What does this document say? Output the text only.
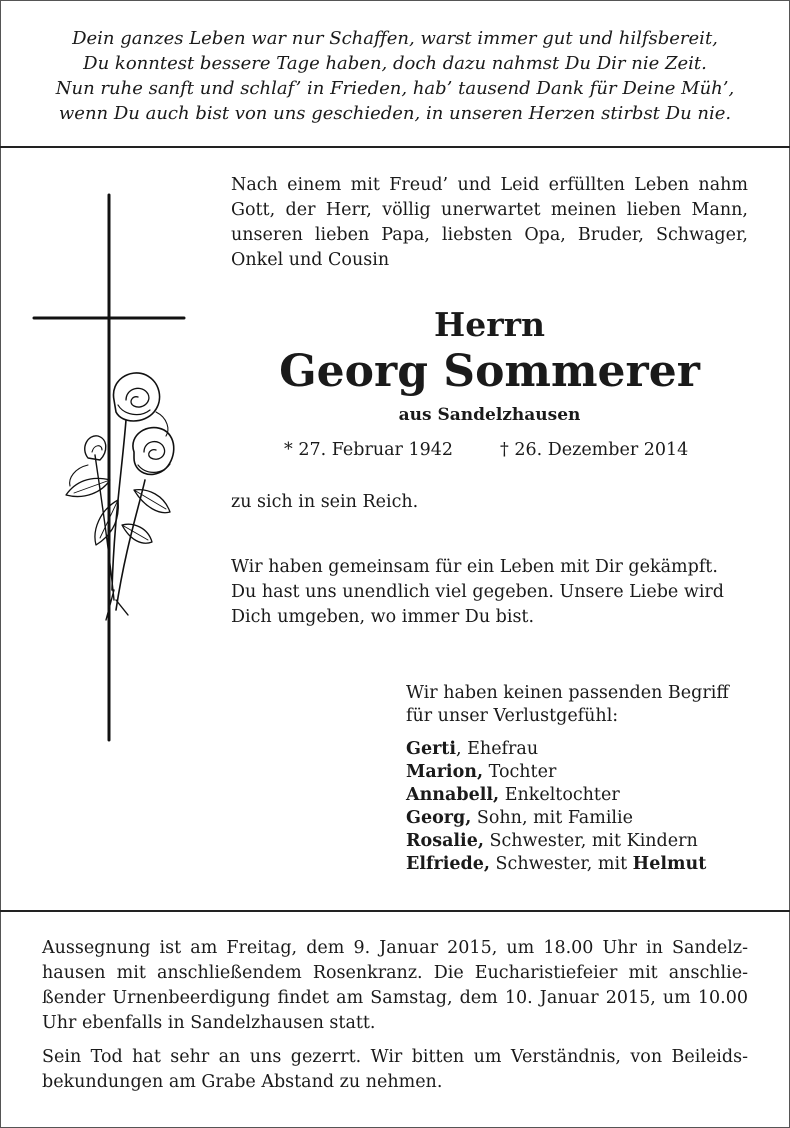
Dein ganzes Leben war nur Schaffen, warst immer gut und hilfsbereit,
Du konntest bessere Tage haben, doch dazu nahmst Du Dir nie Zeit.
Nun ruhe sanft und schlaf’ in Frieden, hab’ tausend Dank für Deine Müh’,
wenn Du auch bist von uns geschieden, in unseren Herzen stirbst Du nie.
Nach einem mit Freud’ und Leid erfüllten Leben nahm
Gott, der Herr, völlig unerwartet meinen lieben Mann,
unseren lieben Papa, liebsten Opa, Bruder, Schwager,
Onkel und Cousin
Herrn
Georg Sommerer
aus Sandelzhausen
* 27. Februar 1942	† 26. Dezember 2014
zu sich in sein Reich.
Wir haben gemeinsam für ein Leben mit Dir gekämpft.
Du hast uns unendlich viel gegeben. Unsere Liebe wird
Dich umgeben, wo immer Du bist.
Wir haben keinen passenden Begriff
für unser Verlustgefühl:
Gerti, Ehefrau
Marion, Tochter
Annabell, Enkeltochter
Georg, Sohn, mit Familie
Rosalie, Schwester, mit Kindern
Elfriede, Schwester, mit Helmut
Aussegnung ist am Freitag, dem 9. Januar 2015, um 18.00 Uhr in Sandelz-
hausen mit anschließendem Rosenkranz. Die Eucharistiefeier mit anschlie-
ßender Urnenbeerdigung findet am Samstag, dem 10. Januar 2015, um 10.00
Uhr ebenfalls in Sandelzhausen statt.
Sein Tod hat sehr an uns gezerrt. Wir bitten um Verständnis, von Beileids-
bekundungen am Grabe Abstand zu nehmen.
